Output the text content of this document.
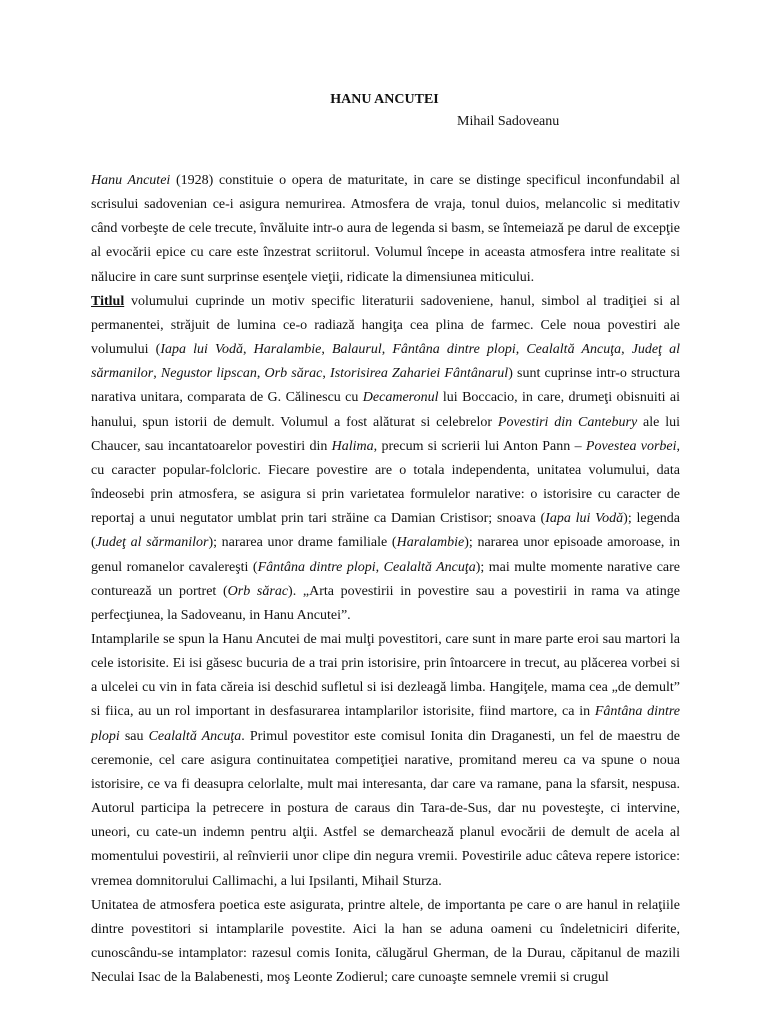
HANU ANCUTEI
Mihail Sadoveanu

Hanu Ancutei (1928) constituie o opera de maturitate, in care se distinge specificul inconfundabil al scrisului sadovenian ce-i asigura nemurirea. Atmosfera de vraja, tonul duios, melancolic si meditativ când vorbeşte de cele trecute, învăluite intr-o aura de legenda si basm, se întemeiază pe darul de excepţie al evocării epice cu care este înzestrat scriitorul. Volumul începe in aceasta atmosfera intre realitate si nălucire in care sunt surprinse esenţele vieţii, ridicate la dimensiunea miticului.

Titlul volumului cuprinde un motiv specific literaturii sadoveniene, hanul, simbol al tradiţiei si al permanentei, străjuit de lumina ce-o radiază hangiţa cea plina de farmec. Cele noua povestiri ale volumului (Iapa lui Vodă, Haralambie, Balaurul, Fântâna dintre plopi, Cealaltă Ancuţa, Judeţ al sărmanilor, Negustor lipscan, Orb sărac, Istorisirea Zahariei Fântânarul) sunt cuprinse intr-o structura narativa unitara, comparata de G. Călinescu cu Decameronul lui Boccacio, in care, drumeţi obisnuiti ai hanului, spun istorii de demult. Volumul a fost alăturat si celebrelor Povestiri din Cantebury ale lui Chaucer, sau incantatoarelor povestiri din Halima, precum si scrierii lui Anton Pann – Povestea vorbei, cu caracter popular-folcloric. Fiecare povestire are o totala independenta, unitatea volumului, data îndeosebi prin atmosfera, se asigura si prin varietatea formulelor narative: o istorisire cu caracter de reportaj a unui negutator umblat prin tari străine ca Damian Cristisor; snoava (Iapa lui Vodă); legenda (Judeţ al sărmanilor); nararea unor drame familiale (Haralambie); nararea unor episoade amoroase, in genul romanelor cavalereşti (Fântâna dintre plopi, Cealaltă Ancuţa); mai multe momente narative care conturează un portret (Orb sărac). „Arta povestirii in povestire sau a povestirii in rama va atinge perfecţiunea, la Sadoveanu, in Hanu Ancutei”.

Intamplarile se spun la Hanu Ancutei de mai mulţi povestitori, care sunt in mare parte eroi sau martori la cele istorisite. Ei isi găsesc bucuria de a trai prin istorisire, prin întoarcere in trecut, au plăcerea vorbei si a ulcelei cu vin in fata căreia isi deschid sufletul si isi dezleagă limba. Hangiţele, mama cea „de demult” si fiica, au un rol important in desfasurarea intamplarilor istorisite, fiind martore, ca in Fântâna dintre plopi sau Cealaltă Ancuţa. Primul povestitor este comisul Ionita din Draganesti, un fel de maestru de ceremonie, cel care asigura continuitatea competiţiei narative, promitand mereu ca va spune o noua istorisire, ce va fi deasupra celorlalte, mult mai interesanta, dar care va ramane, pana la sfarsit, nespusa. Autorul participa la petrecere in postura de caraus din Tara-de-Sus, dar nu povesteşte, ci intervine, uneori, cu cate-un indemn pentru alţii. Astfel se demarchează planul evocării de demult de acela al momentului povestirii, al reînvierii unor clipe din negura vremii. Povestirile aduc câteva repere istorice: vremea domnitorului Callimachi, a lui Ipsilanti, Mihail Sturza.

Unitatea de atmosfera poetica este asigurata, printre altele, de importanta pe care o are hanul in relaţiile dintre povestitori si intamplarile povestite. Aici la han se aduna oameni cu îndeletniciri diferite, cunoscându-se intamplator: razesul comis Ionita, călugărul Gherman, de la Durau, căpitanul de mazili Neculai Isac de la Balabenesti, moş Leonte Zodierul; care cunoaşte semnele vremii si crugul
